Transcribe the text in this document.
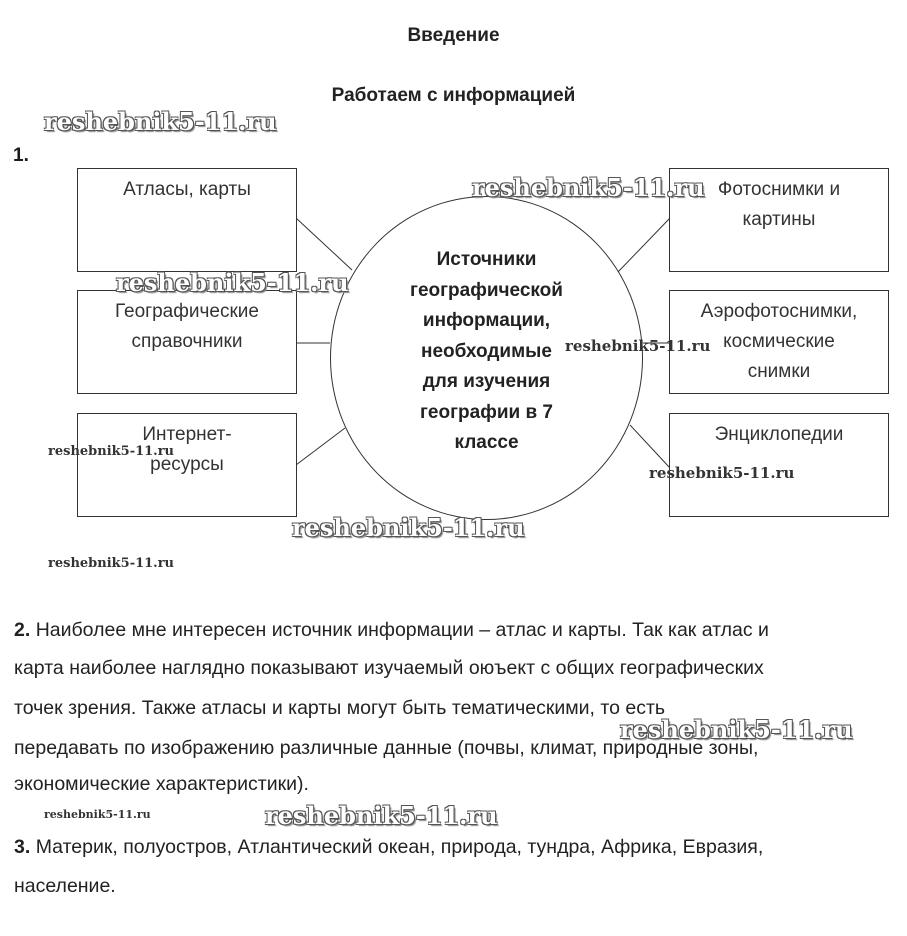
Введение
Работаем с информацией
1.
Атласы, карты
Географические
справочники
Интернет-
ресурсы
Источники
географической
информации,
необходимые
для изучения
географии в 7
классе
Фотоснимки и
картины
Аэрофотоснимки,
космические
снимки
Энциклопедии
2. Наиболее мне интересен источник информации – атлас и карты. Так как атлас и
карта наиболее наглядно показывают изучаемый оюъект с общих географических
точек зрения. Также атласы и карты могут быть тематическими, то есть
передавать по изображению различные данные (почвы, климат, природные зоны,
экономические характеристики).
3. Материк, полуостров, Атлантический океан, природа, тундра, Африка, Евразия,
население.
reshebnik5-11.ru
reshebnik5-11.ru
reshebnik5-11.ru
reshebnik5-11.ru
reshebnik5-11.ru
reshebnik5-11.ru
reshebnik5-11.ru
reshebnik5-11.ru
reshebnik5-11.ru
reshebnik5-11.ru	reshebnik5-11.ru
